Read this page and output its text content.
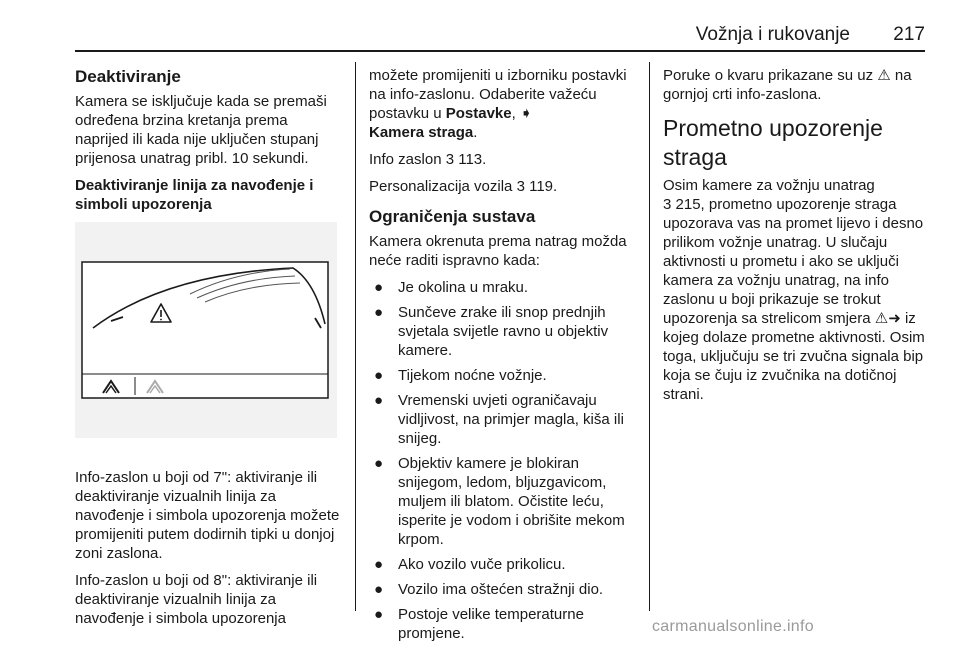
Vožnja i rukovanje 217
Deaktiviranje

Kamera se isključuje kada se premaši određena brzina kretanja prema naprijed ili kada nije uključen stupanj prijenosa unatrag pribl. 10 sekundi.

Deaktiviranje linija za navođenje i simboli upozorenja

Info-zaslon u boji od 7": aktiviranje ili deaktiviranje vizualnih linija za navođenje i simbola upozorenja možete promijeniti putem dodirnih tipki u donjoj zoni zaslona.

Info-zaslon u boji od 8": aktiviranje ili deaktiviranje vizualnih linija za navođenje i simbola upozorenja

možete promijeniti u izborniku postavki na info-zaslonu. Odaberite važeću postavku u Postavke, ➧
Kamera straga.

Info zaslon 3 113.

Personalizacija vozila 3 119.

Ograničenja sustava

Kamera okrenuta prema natrag možda neće raditi ispravno kada:

● Je okolina u mraku.
● Sunčeve zrake ili snop prednjih svjetala svijetle ravno u objektiv kamere.
● Tijekom noćne vožnje.
● Vremenski uvjeti ograničavaju vidljivost, na primjer magla, kiša ili snijeg.
● Objektiv kamere je blokiran snijegom, ledom, bljuzgavicom, muljem ili blatom. Očistite leću, isperite je vodom i obrišite mekom krpom.
● Ako vozilo vuče prikolicu.
● Vozilo ima oštećen stražnji dio.
● Postoje velike temperaturne promjene.

Poruke o kvaru prikazane su uz ⚠ na gornjoj crti info-zaslona.

Prometno upozorenje straga

Osim kamere za vožnju unatrag
3 215, prometno upozorenje straga upozorava vas na promet lijevo i desno prilikom vožnje unatrag. U slučaju aktivnosti u prometu i ako se uključi kamera za vožnju unatrag, na info zaslonu u boji prikazuje se trokut upozorenja sa strelicom smjera ⚠➜ iz kojeg dolaze prometne aktivnosti. Osim toga, uključuju se tri zvučna signala bip koja se čuju iz zvučnika na dotičnoj strani.

carmanualsonline.info
